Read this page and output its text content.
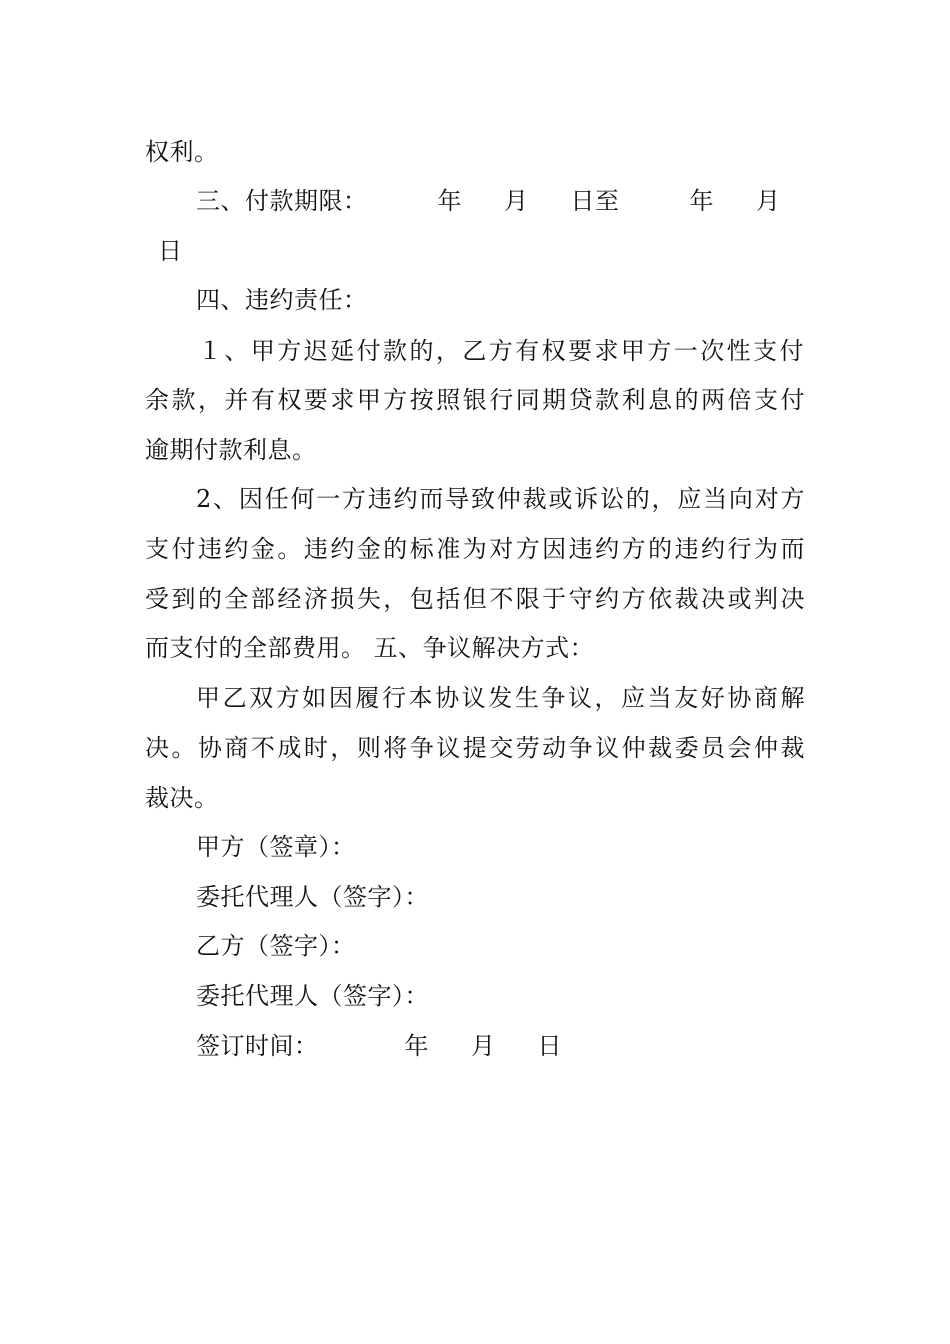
权利。
三、付款期限：	年 月 日至	年 月
日
四、违约责任：
１、甲方迟延付款的，乙方有权要求甲方一次性支付
余款，并有权要求甲方按照银行同期贷款利息的两倍支付
逾期付款利息。
2、因任何一方违约而导致仲裁或诉讼的，应当向对方
支付违约金。违约金的标准为对方因违约方的违约行为而
受到的全部经济损失，包括但不限于守约方依裁决或判决
而支付的全部费用。 五、争议解决方式：
甲乙双方如因履行本协议发生争议，应当友好协商解
决。协商不成时，则将争议提交劳动争议仲裁委员会仲裁
裁决。
甲方（签章）：
委托代理人（签字）：
乙方（签字）：
委托代理人（签字）：
签订时间：	年 月 日
